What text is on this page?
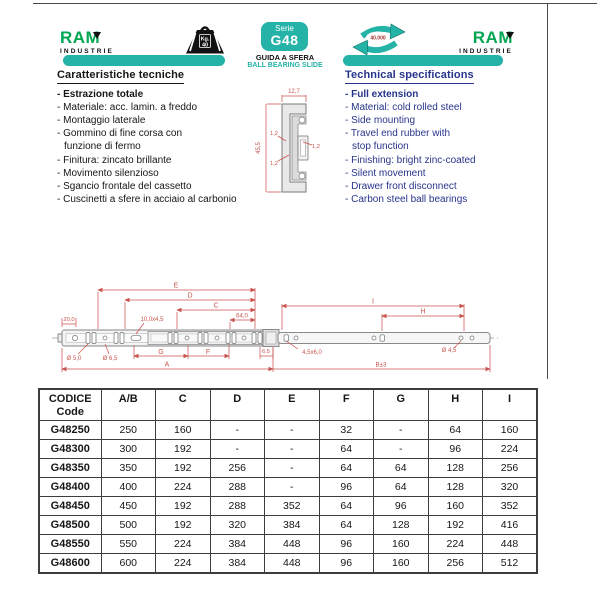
RAM
INDUSTRIE
Kg.
40
Serie
G48
GUIDA A SFERA
BALL BEARING SLIDE
40.000	RAM
INDUSTRIE
Caratteristiche tecniche
- Estrazione totale
- Materiale: acc. lamin. a freddo
- Montaggio laterale
- Gommino di fine corsa con
funzione di fermo
- Finitura: zincato brillante
- Movimento silenzioso
- Sgancio frontale del cassetto
- Cuscinetti a sfere in acciaio al carbonio
Technical specifications
- Full extension
- Material: cold rolled steel
- Side mounting
- Travel end rubber with
stop function
- Finishing: bright zinc-coated
- Silent movement
- Drawer front disconnect
- Carbon steel ball bearings
12,7
45,5
1,2
1,2
1,2
E
D
C
64,0
20,0	10,0x4,5
Ø 5,0	Ø 6,5
G	F	6,5	4,5x6,0	Ø 4,5
I
H
A	B±3
CODICE
Code	A/B	C	D	E	F	G	H	I
G48250	250	160	-	-	32	-	64	160
G48300	300	192	-	-	64	-	96	224
G48350	350	192	256	-	64	64	128	256
G48400	400	224	288	-	96	64	128	320
G48450	450	192	288	352	64	96	160	352
G48500	500	192	320	384	64	128	192	416
G48550	550	224	384	448	96	160	224	448
G48600	600	224	384	448	96	160	256	512
